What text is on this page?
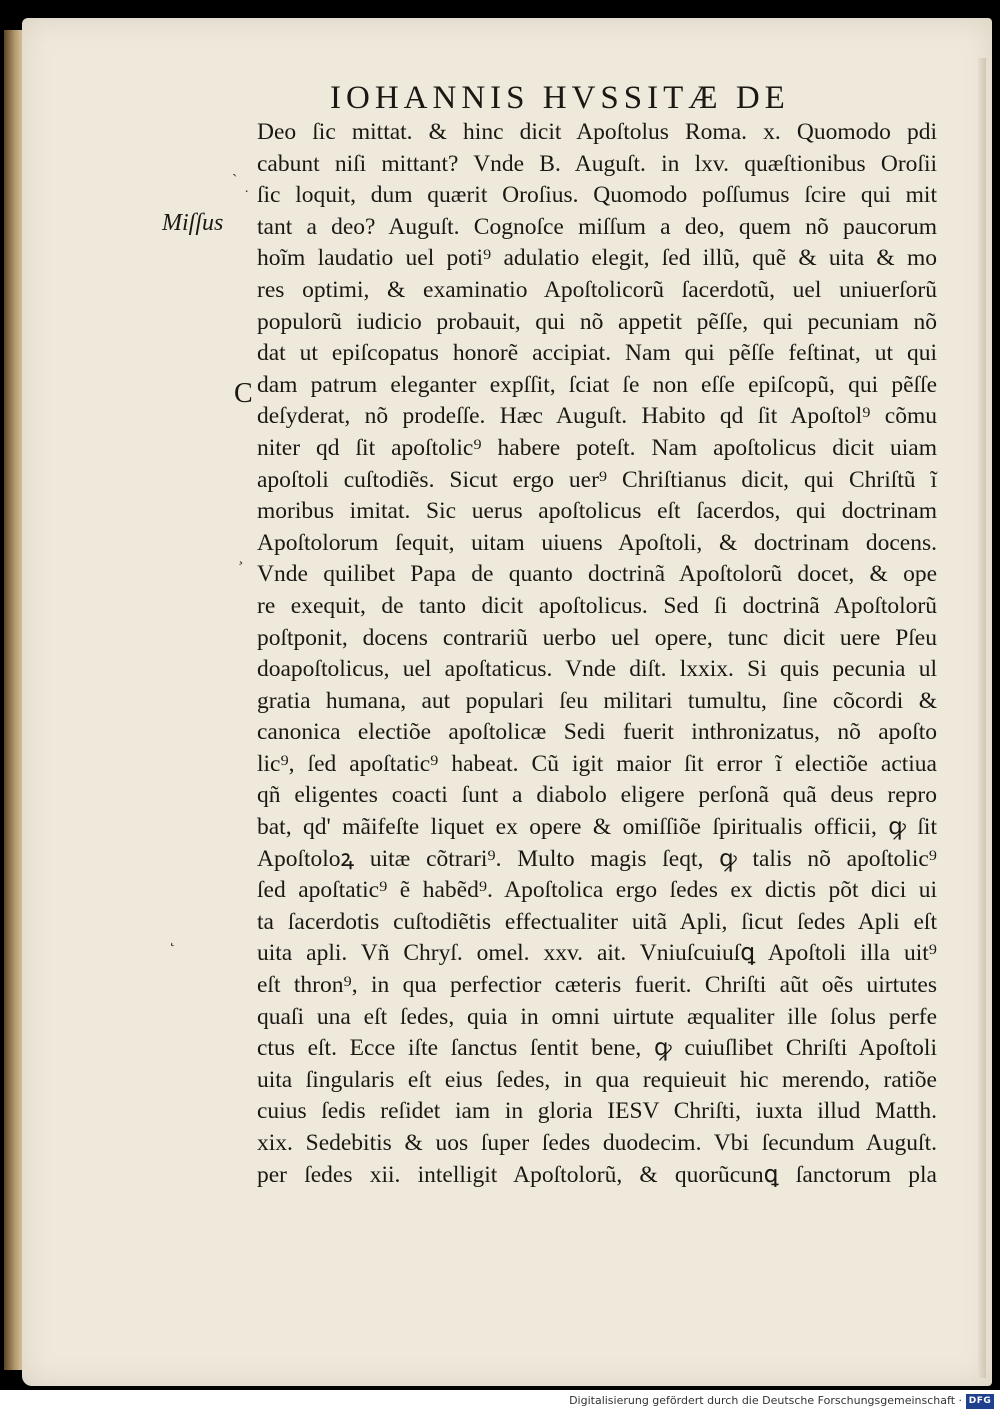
IOHANNIS HVSSITÆ DE
Miſſus
C
`
˙
˛
¸
Deo ſic mittat. & hinc dicit Apoſtolus Roma. x. Quomodo pdi
cabunt niſi mittant? Vnde B. Auguſt. in lxv. quæſtionibus Oroſii
ſic loquit, dum quærit Oroſius. Quomodo poſſumus ſcire qui mit
tant a deo? Auguſt. Cognoſce miſſum a deo, quem nõ paucorum
hoĩm laudatio uel poti⁹ adulatio elegit, ſed illũ, quẽ & uita & mo
res optimi, & examinatio Apoſtolicorũ ſacerdotũ, uel uniuerſorũ
populorũ iudicio probauit, qui nõ appetit pẽſſe, qui pecuniam nõ
dat ut epiſcopatus honorẽ accipiat. Nam qui pẽſſe feſtinat, ut qui
dam patrum eleganter expſſit, ſciat ſe non eſſe epiſcopũ, qui pẽſſe
deſyderat, nõ prodeſſe. Hæc Auguſt. Habito qd ſit Apoſtol⁹ cõmu
niter qd ſit apoſtolic⁹ habere poteſt. Nam apoſtolicus dicit uiam
apoſtoli cuſtodiẽs. Sicut ergo uer⁹ Chriſtianus dicit, qui Chriſtũ ĩ
moribus imitat. Sic uerus apoſtolicus eſt ſacerdos, qui doctrinam
Apoſtolorum ſequit, uitam uiuens Apoſtoli, & doctrinam docens.
Vnde quilibet Papa de quanto doctrinã Apoſtolorũ docet, & ope
re exequit, de tanto dicit apoſtolicus. Sed ſi doctrinã Apoſtolorũ
poſtponit, docens contrariũ uerbo uel opere, tunc dicit uere Pſeu
doapoſtolicus, uel apoſtaticus. Vnde diſt. lxxix. Si quis pecunia ul
gratia humana, aut populari ſeu militari tumultu, ſine cõcordi &
canonica electiõe apoſtolicæ Sedi fuerit inthronizatus, nõ apoſto
lic⁹, ſed apoſtatic⁹ habeat. Cũ igit maior ſit error ĩ electiõe actiua
qñ eligentes coacti ſunt a diabolo eligere perſonã quã deus repro
bat, qd' mãifeſte liquet ex opere & omiſſiõe ſpiritualis officii, ꝙ ſit
Apoſtoloꝝ uitæ cõtrari⁹. Multo magis ſeqt, ꝙ talis nõ apoſtolic⁹
ſed apoſtatic⁹ ẽ habẽd⁹. Apoſtolica ergo ſedes ex dictis põt dici ui
ta ſacerdotis cuſtodiẽtis effectualiter uitã Apli, ſicut ſedes Apli eſt
uita apli. Vñ Chryſ. omel. xxv. ait. Vniuſcuiuſꝗ Apoſtoli illa uit⁹
eſt thron⁹, in qua perfectior cæteris fuerit. Chriſti aũt oẽs uirtutes
quaſi una eſt ſedes, quia in omni uirtute æqualiter ille ſolus perfe
ctus eſt. Ecce iſte ſanctus ſentit bene, ꝙ cuiuſlibet Chriſti Apoſtoli
uita ſingularis eſt eius ſedes, in qua requieuit hic merendo, ratiõe
cuius ſedis reſidet iam in gloria IESV Chriſti, iuxta illud Matth.
xix. Sedebitis & uos ſuper ſedes duodecim. Vbi ſecundum Auguſt.
per ſedes xii. intelligit Apoſtolorũ, & quorũcunꝗ ſanctorum pla
Digitalisierung gefördert durch die Deutsche Forschungsgemeinschaft · DFG
